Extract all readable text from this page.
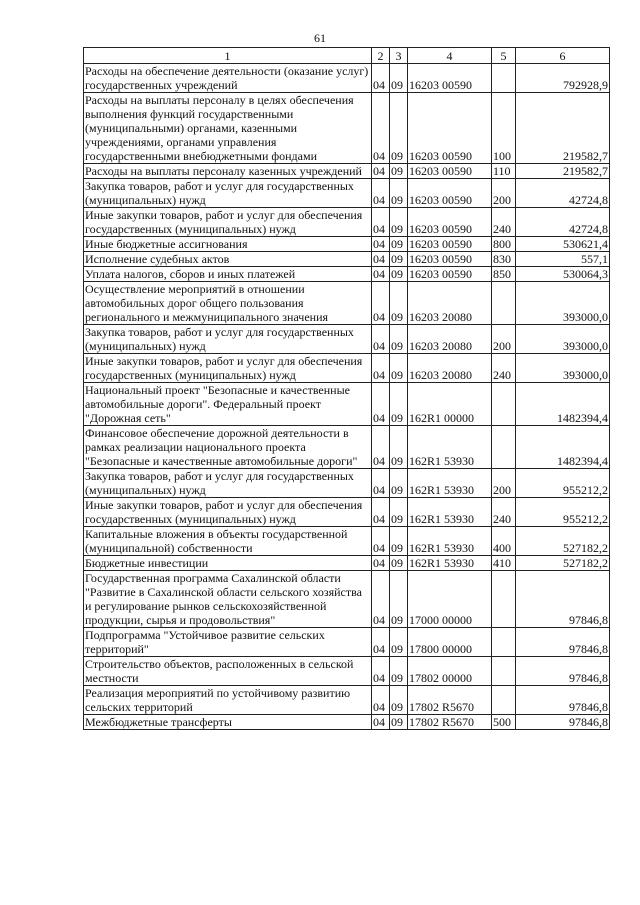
61
1	2	3	4	5	6
Расходы на обеспечение деятельности (оказание услуг) государственных учреждений	04	09	16203 00590		792928,9
Расходы на выплаты персоналу в целях обеспечения выполнения функций государственными (муниципальными) органами, казенными учреждениями, органами управления государственными внебюджетными фондами	04	09	16203 00590	100	219582,7
Расходы на выплаты персоналу казенных учреждений	04	09	16203 00590	110	219582,7
Закупка товаров, работ и услуг для государственных (муниципальных) нужд	04	09	16203 00590	200	42724,8
Иные закупки товаров, работ и услуг для обеспечения государственных (муниципальных) нужд	04	09	16203 00590	240	42724,8
Иные бюджетные ассигнования	04	09	16203 00590	800	530621,4
Исполнение судебных актов	04	09	16203 00590	830	557,1
Уплата налогов, сборов и иных платежей	04	09	16203 00590	850	530064,3
Осуществление мероприятий в отношении автомобильных дорог общего пользования регионального и межмуниципального значения	04	09	16203 20080		393000,0
Закупка товаров, работ и услуг для государственных (муниципальных) нужд	04	09	16203 20080	200	393000,0
Иные закупки товаров, работ и услуг для обеспечения государственных (муниципальных) нужд	04	09	16203 20080	240	393000,0
Национальный проект "Безопасные и качественные автомобильные дороги". Федеральный проект "Дорожная сеть"	04	09	162R1 00000		1482394,4
Финансовое обеспечение дорожной деятельности в рамках реализации национального проекта "Безопасные и качественные автомобильные дороги"	04	09	162R1 53930		1482394,4
Закупка товаров, работ и услуг для государственных (муниципальных) нужд	04	09	162R1 53930	200	955212,2
Иные закупки товаров, работ и услуг для обеспечения государственных (муниципальных) нужд	04	09	162R1 53930	240	955212,2
Капитальные вложения в объекты государственной (муниципальной) собственности	04	09	162R1 53930	400	527182,2
Бюджетные инвестиции	04	09	162R1 53930	410	527182,2
Государственная программа Сахалинской области "Развитие в Сахалинской области сельского хозяйства и регулирование рынков сельскохозяйственной продукции, сырья и продовольствия"	04	09	17000 00000		97846,8
Подпрограмма "Устойчивое развитие сельских территорий"	04	09	17800 00000		97846,8
Строительство объектов, расположенных в сельской местности	04	09	17802 00000		97846,8
Реализация мероприятий по устойчивому развитию сельских территорий	04	09	17802 R5670		97846,8
Межбюджетные трансферты	04	09	17802 R5670	500	97846,8
